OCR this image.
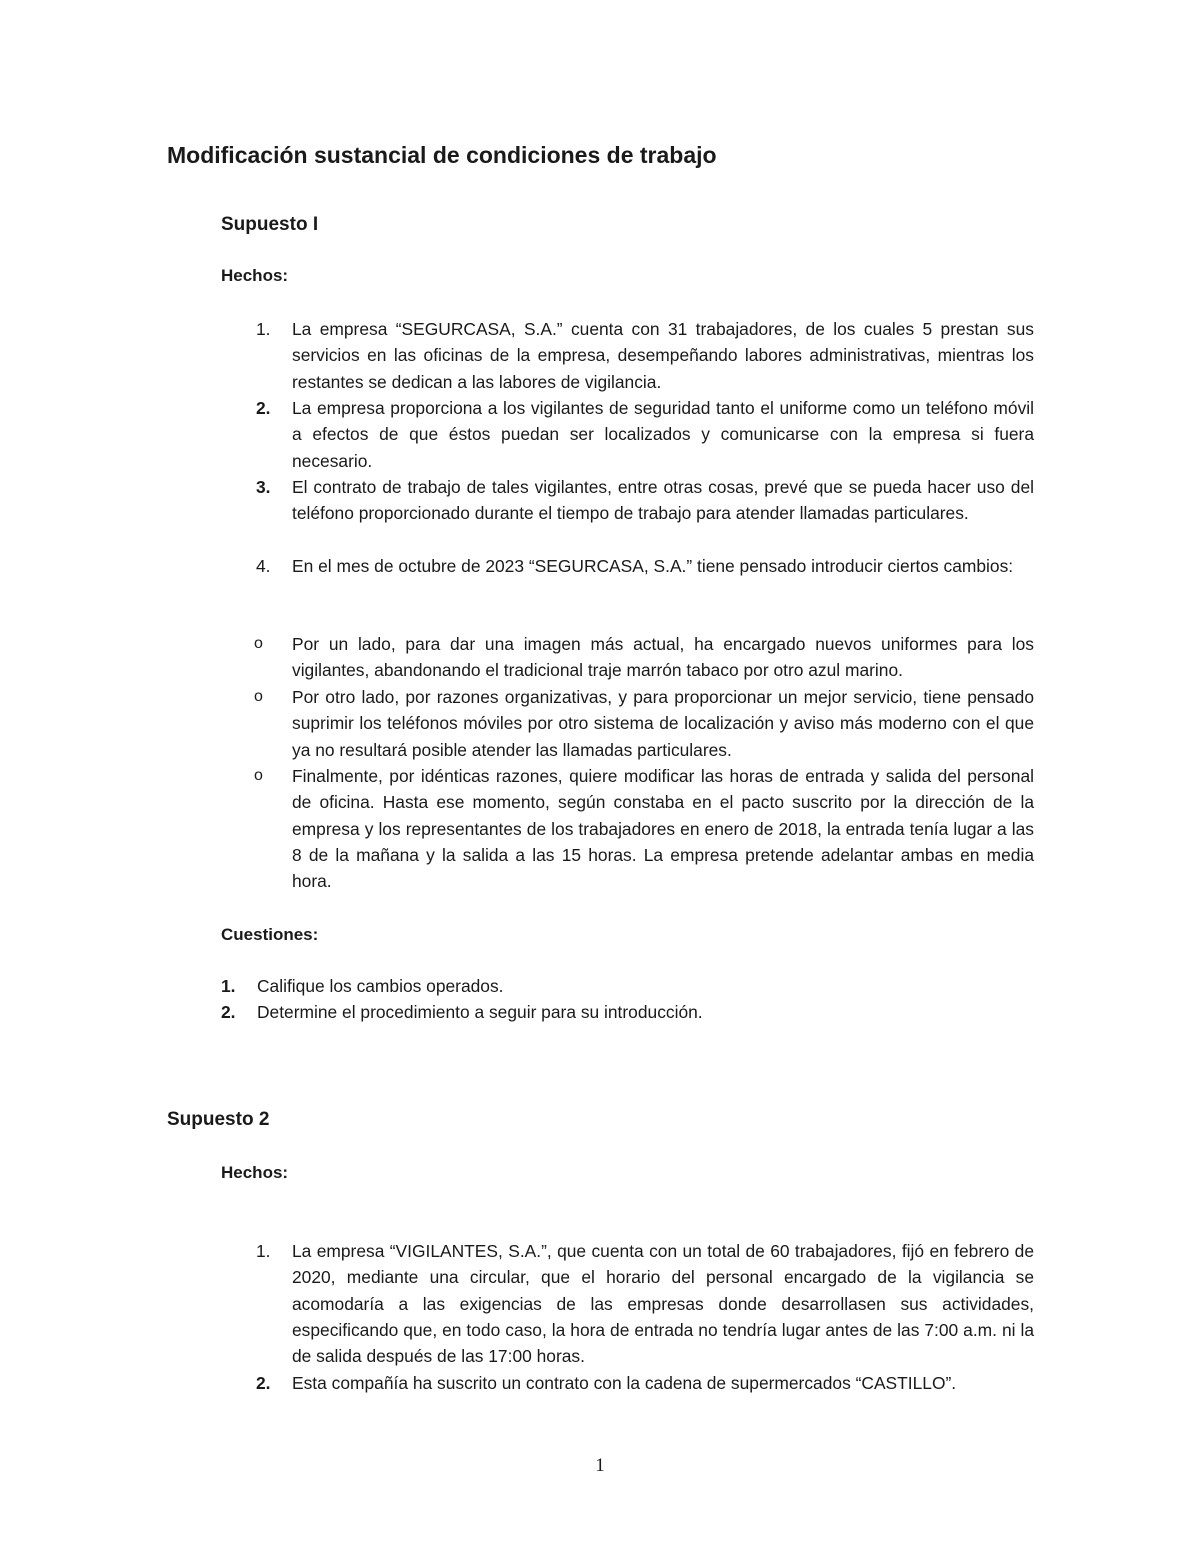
Modificación sustancial de condiciones de trabajo
Supuesto I
Hechos:
1. La empresa “SEGURCASA, S.A.” cuenta con 31 trabajadores, de los cuales 5 prestan sus servicios en las oficinas de la empresa, desempeñando labores administrativas, mientras los restantes se dedican a las labores de vigilancia.
2. La empresa proporciona a los vigilantes de seguridad tanto el uniforme como un teléfono móvil a efectos de que éstos puedan ser localizados y comunicarse con la empresa si fuera necesario.
3. El contrato de trabajo de tales vigilantes, entre otras cosas, prevé que se pueda hacer uso del teléfono proporcionado durante el tiempo de trabajo para atender llamadas particulares.
4. En el mes de octubre de 2023 “SEGURCASA, S.A.” tiene pensado introducir ciertos cambios:
o Por un lado, para dar una imagen más actual, ha encargado nuevos uniformes para los vigilantes, abandonando el tradicional traje marrón tabaco por otro azul marino.
o Por otro lado, por razones organizativas, y para proporcionar un mejor servicio, tiene pensado suprimir los teléfonos móviles por otro sistema de localización y aviso más moderno con el que ya no resultará posible atender las llamadas particulares.
o Finalmente, por idénticas razones, quiere modificar las horas de entrada y salida del personal de oficina. Hasta ese momento, según constaba en el pacto suscrito por la dirección de la empresa y los representantes de los trabajadores en enero de 2018, la entrada tenía lugar a las 8 de la mañana y la salida a las 15 horas. La empresa pretende adelantar ambas en media hora.
Cuestiones:
1. Califique los cambios operados.
2. Determine el procedimiento a seguir para su introducción.
Supuesto 2
Hechos:
1. La empresa “VIGILANTES, S.A.”, que cuenta con un total de 60 trabajadores, fijó en febrero de 2020, mediante una circular, que el horario del personal encargado de la vigilancia se acomodaría a las exigencias de las empresas donde desarrollasen sus actividades, especificando que, en todo caso, la hora de entrada no tendría lugar antes de las 7:00 a.m. ni la de salida después de las 17:00 horas.
2. Esta compañía ha suscrito un contrato con la cadena de supermercados “CASTILLO”.
1
